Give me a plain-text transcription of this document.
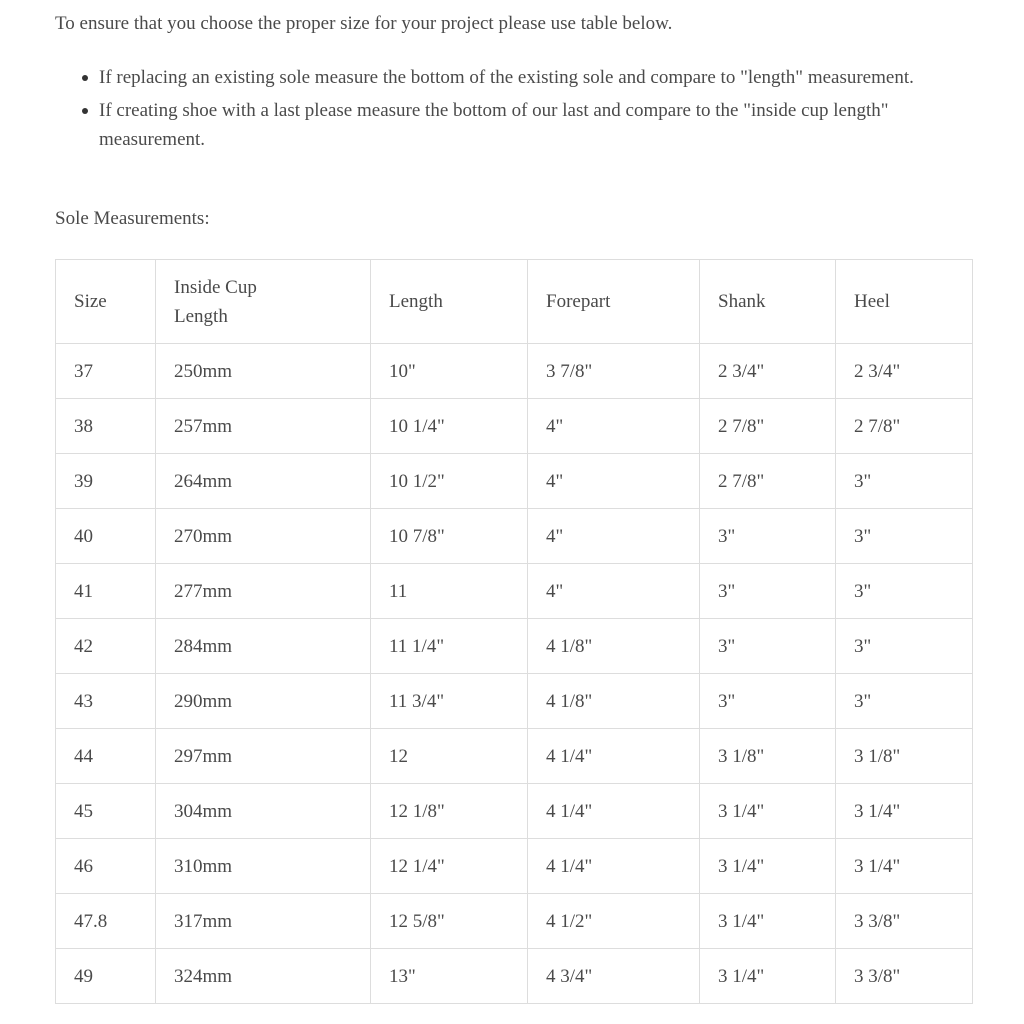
To ensure that you choose the proper size for your project please use table below.

If replacing an existing sole measure the bottom of the existing sole and compare to "length" measurement.
If creating shoe with a last please measure the bottom of our last and compare to the "inside cup length" measurement.

Sole Measurements:

Size	Inside Cup Length	Length	Forepart	Shank	Heel
37	250mm	10"	3 7/8"	2 3/4"	2 3/4"
38	257mm	10 1/4"	4"	2 7/8"	2 7/8"
39	264mm	10 1/2"	4"	2 7/8"	3"
40	270mm	10 7/8"	4"	3"	3"
41	277mm	11	4"	3"	3"
42	284mm	11 1/4"	4 1/8"	3"	3"
43	290mm	11 3/4"	4 1/8"	3"	3"
44	297mm	12	4 1/4"	3 1/8"	3 1/8"
45	304mm	12 1/8"	4 1/4"	3 1/4"	3 1/4"
46	310mm	12 1/4"	4 1/4"	3 1/4"	3 1/4"
47.8	317mm	12 5/8"	4 1/2"	3 1/4"	3 3/8"
49	324mm	13"	4 3/4"	3 1/4"	3 3/8"
